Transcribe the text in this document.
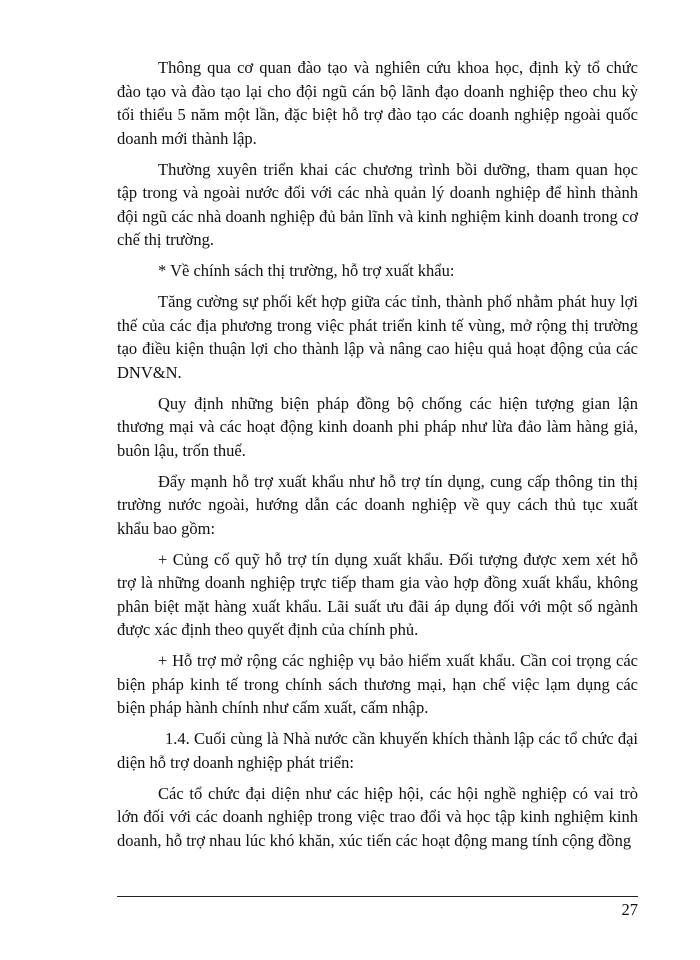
Thông qua cơ quan đào tạo và nghiên cứu khoa học, định kỳ tổ chức đào tạo và đào tạo lại cho đội ngũ cán bộ lãnh đạo doanh nghiệp theo chu kỳ tối thiểu 5 năm một lần, đặc biệt hỗ trợ đào tạo các doanh nghiệp ngoài quốc doanh mới thành lập.

Thường xuyên triển khai các chương trình bồi dưỡng, tham quan học tập trong và ngoài nước đối với các nhà quản lý doanh nghiệp để hình thành đội ngũ các nhà doanh nghiệp đủ bản lĩnh và kinh nghiệm kinh doanh trong cơ chế thị trường.

* Về chính sách thị trường, hỗ trợ xuất khẩu:

Tăng cường sự phối kết hợp giữa các tỉnh, thành phố nhằm phát huy lợi thế của các địa phương trong việc phát triển kinh tế vùng, mở rộng thị trường tạo điều kiện thuận lợi cho thành lập và nâng cao hiệu quả hoạt động của các DNV&N.

Quy định những biện pháp đồng bộ chống các hiện tượng gian lận thương mại và các hoạt động kinh doanh phi pháp như lừa đảo làm hàng giả, buôn lậu, trốn thuế.

Đẩy mạnh hỗ trợ xuất khẩu như hỗ trợ tín dụng, cung cấp thông tin thị trường nước ngoài, hướng dẫn các doanh nghiệp về quy cách thủ tục xuất khẩu bao gồm:

+ Củng cố quỹ hỗ trợ tín dụng xuất khẩu. Đối tượng được xem xét hỗ trợ là những doanh nghiệp trực tiếp tham gia vào hợp đồng xuất khẩu, không phân biệt mặt hàng xuất khẩu. Lãi suất ưu đãi áp dụng đối với một số ngành được xác định theo quyết định của chính phủ.

+ Hỗ trợ mở rộng các nghiệp vụ bảo hiểm xuất khẩu. Cần coi trọng các biện pháp kinh tế trong chính sách thương mại, hạn chế việc lạm dụng các biện pháp hành chính như cấm xuất, cấm nhập.

1.4. Cuối cùng là Nhà nước cần khuyến khích thành lập các tổ chức đại diện hỗ trợ doanh nghiệp phát triển:

Các tổ chức đại diện như các hiệp hội, các hội nghề nghiệp có vai trò lớn đối với các doanh nghiệp trong việc trao đổi và học tập kinh nghiệm kinh doanh, hỗ trợ nhau lúc khó khăn, xúc tiến các hoạt động mang tính cộng đồng

27
